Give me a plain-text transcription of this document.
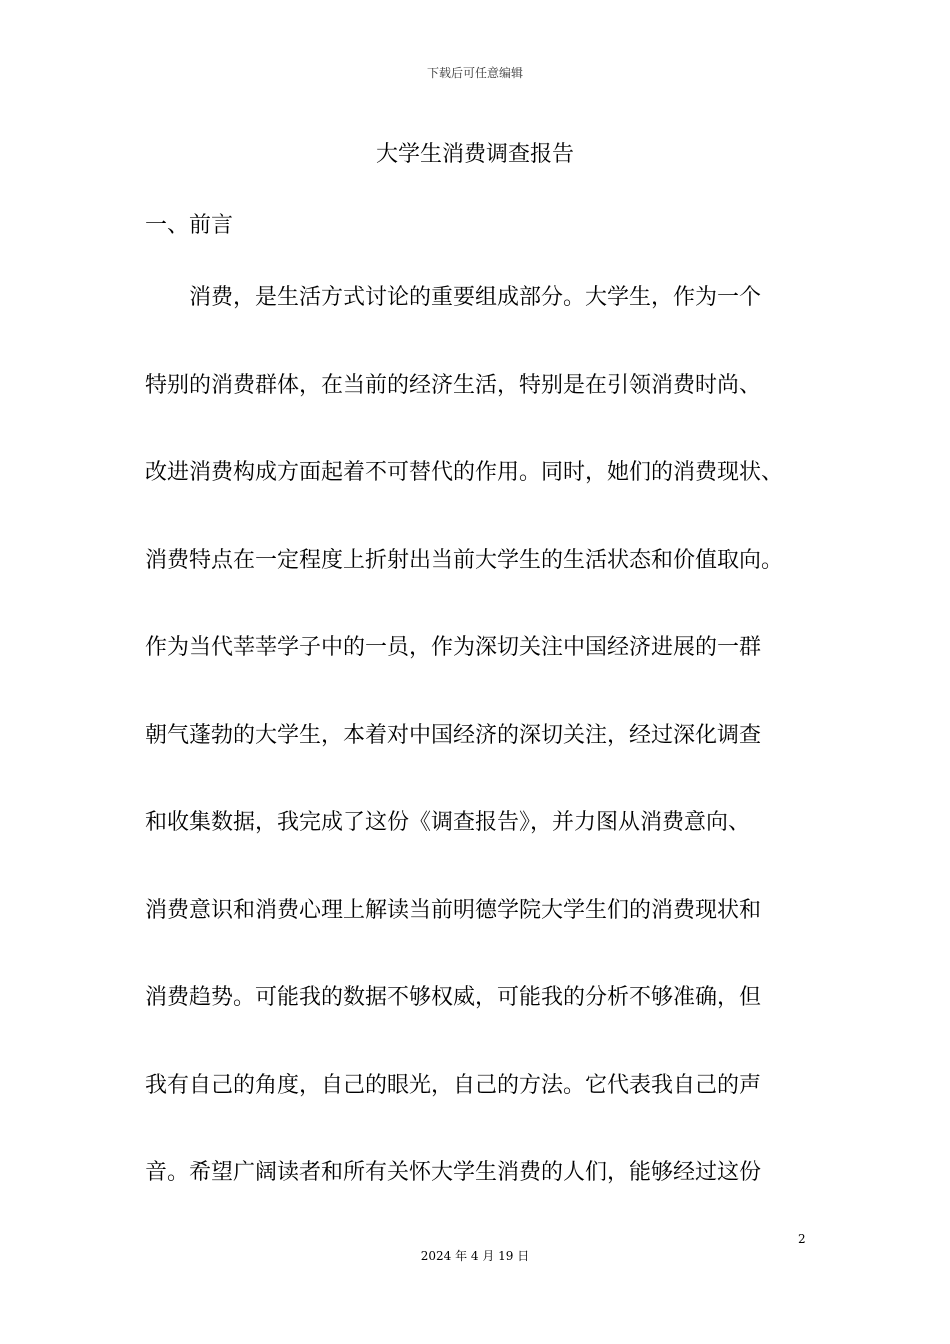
下载后可任意编辑
大学生消费调查报告
一、前言
消费，是生活方式讨论的重要组成部分。大学生，作为一个
特别的消费群体，在当前的经济生活，特别是在引领消费时尚、
改进消费构成方面起着不可替代的作用。同时，她们的消费现状、
消费特点在一定程度上折射出当前大学生的生活状态和价值取向。
作为当代莘莘学子中的一员，作为深切关注中国经济进展的一群
朝气蓬勃的大学生，本着对中国经济的深切关注，经过深化调查
和收集数据，我完成了这份《调查报告》，并力图从消费意向、
消费意识和消费心理上解读当前明德学院大学生们的消费现状和
消费趋势。可能我的数据不够权威，可能我的分析不够准确，但
我有自己的角度，自己的眼光，自己的方法。它代表我自己的声
音。希望广阔读者和所有关怀大学生消费的人们，能够经过这份
2
2024 年 4 月 19 日
